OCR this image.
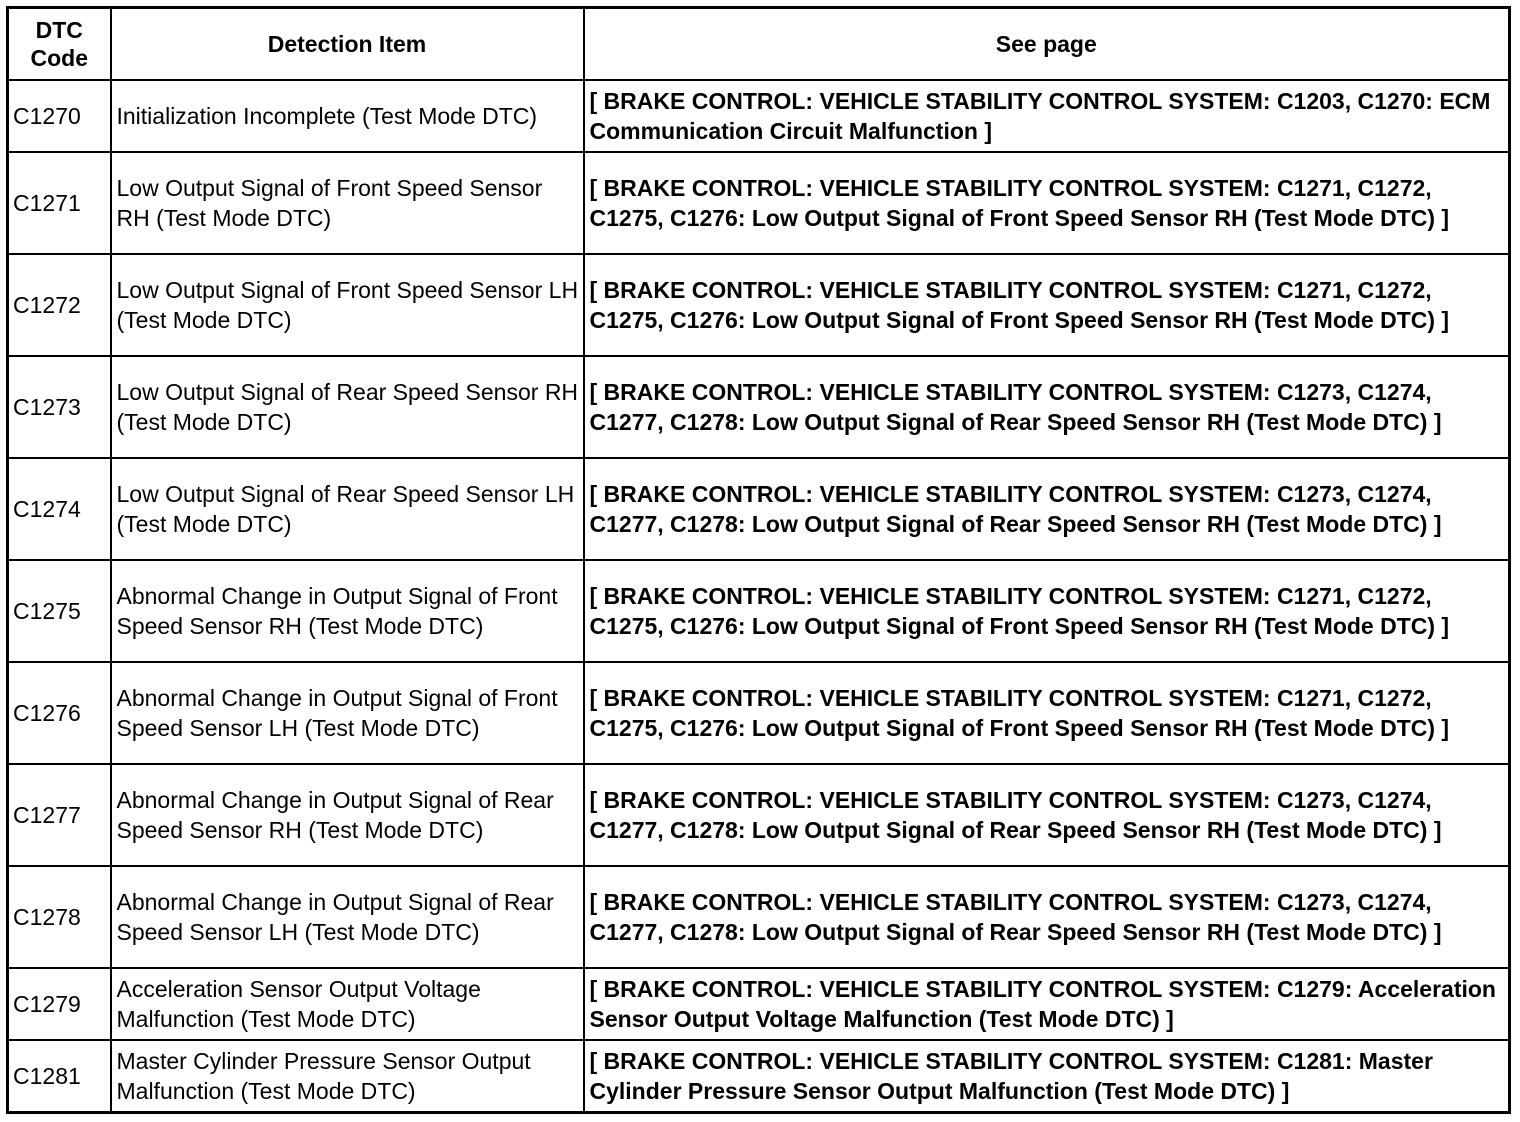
DTC
Code	Detection Item	See page
C1270	Initialization Incomplete (Test Mode DTC)	[ BRAKE CONTROL: VEHICLE STABILITY CONTROL SYSTEM: C1203, C1270: ECM Communication Circuit Malfunction ]
C1271	Low Output Signal of Front Speed Sensor RH (Test Mode DTC)	[ BRAKE CONTROL: VEHICLE STABILITY CONTROL SYSTEM: C1271, C1272, C1275, C1276: Low Output Signal of Front Speed Sensor RH (Test Mode DTC) ]
C1272	Low Output Signal of Front Speed Sensor LH (Test Mode DTC)	[ BRAKE CONTROL: VEHICLE STABILITY CONTROL SYSTEM: C1271, C1272, C1275, C1276: Low Output Signal of Front Speed Sensor RH (Test Mode DTC) ]
C1273	Low Output Signal of Rear Speed Sensor RH (Test Mode DTC)	[ BRAKE CONTROL: VEHICLE STABILITY CONTROL SYSTEM: C1273, C1274, C1277, C1278: Low Output Signal of Rear Speed Sensor RH (Test Mode DTC) ]
C1274	Low Output Signal of Rear Speed Sensor LH (Test Mode DTC)	[ BRAKE CONTROL: VEHICLE STABILITY CONTROL SYSTEM: C1273, C1274, C1277, C1278: Low Output Signal of Rear Speed Sensor RH (Test Mode DTC) ]
C1275	Abnormal Change in Output Signal of Front Speed Sensor RH (Test Mode DTC)	[ BRAKE CONTROL: VEHICLE STABILITY CONTROL SYSTEM: C1271, C1272, C1275, C1276: Low Output Signal of Front Speed Sensor RH (Test Mode DTC) ]
C1276	Abnormal Change in Output Signal of Front Speed Sensor LH (Test Mode DTC)	[ BRAKE CONTROL: VEHICLE STABILITY CONTROL SYSTEM: C1271, C1272, C1275, C1276: Low Output Signal of Front Speed Sensor RH (Test Mode DTC) ]
C1277	Abnormal Change in Output Signal of Rear Speed Sensor RH (Test Mode DTC)	[ BRAKE CONTROL: VEHICLE STABILITY CONTROL SYSTEM: C1273, C1274, C1277, C1278: Low Output Signal of Rear Speed Sensor RH (Test Mode DTC) ]
C1278	Abnormal Change in Output Signal of Rear Speed Sensor LH (Test Mode DTC)	[ BRAKE CONTROL: VEHICLE STABILITY CONTROL SYSTEM: C1273, C1274, C1277, C1278: Low Output Signal of Rear Speed Sensor RH (Test Mode DTC) ]
C1279	Acceleration Sensor Output Voltage Malfunction (Test Mode DTC)	[ BRAKE CONTROL: VEHICLE STABILITY CONTROL SYSTEM: C1279: Acceleration Sensor Output Voltage Malfunction (Test Mode DTC) ]
C1281	Master Cylinder Pressure Sensor Output Malfunction (Test Mode DTC)	[ BRAKE CONTROL: VEHICLE STABILITY CONTROL SYSTEM: C1281: Master Cylinder Pressure Sensor Output Malfunction (Test Mode DTC) ]
